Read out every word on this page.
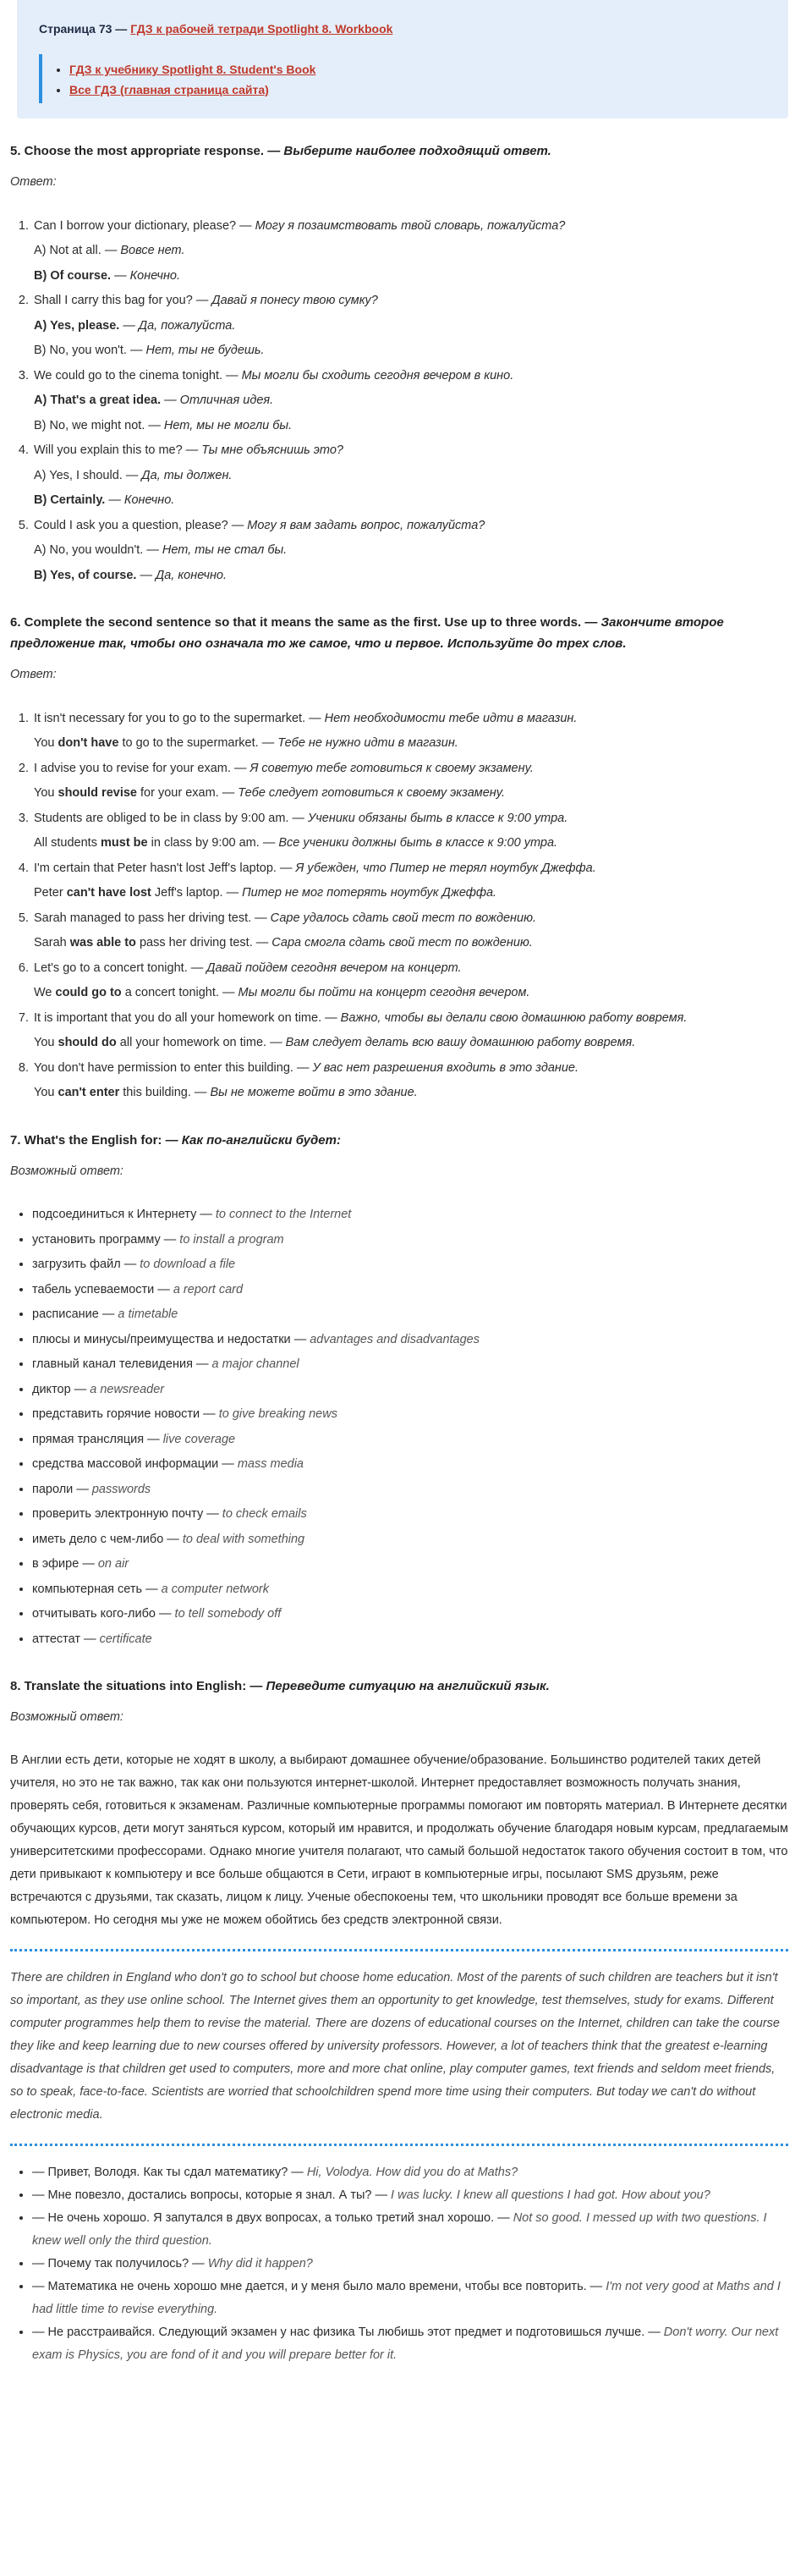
Страница 73 — ГДЗ к рабочей тетради Spotlight 8. Workbook
• ГДЗ к учебнику Spotlight 8. Student's Book
• Все ГДЗ (главная страница сайта)
5. Choose the most appropriate response. — Выберите наиболее подходящий ответ.
Ответ:
1. Can I borrow your dictionary, please? — Могу я позаимствовать твой словарь, пожалуйста?
A) Not at all. — Вовсе нет.
B) Of course. — Конечно.
2. Shall I carry this bag for you? — Давай я понесу твою сумку?
A) Yes, please. — Да, пожалуйста.
B) No, you won't. — Нет, ты не будешь.
3. We could go to the cinema tonight. — Мы могли бы сходить сегодня вечером в кино.
A) That's a great idea. — Отличная идея.
B) No, we might not. — Нет, мы не могли бы.
4. Will you explain this to me? — Ты мне объяснишь это?
A) Yes, I should. — Да, ты должен.
B) Certainly. — Конечно.
5. Could I ask you a question, please? — Могу я вам задать вопрос, пожалуйста?
A) No, you wouldn't. — Нет, ты не стал бы.
B) Yes, of course. — Да, конечно.
6. Complete the second sentence so that it means the same as the first. Use up to three words. — Закончите второе предложение так, чтобы оно означала то же самое, что и первое. Используйте до трех слов.
Ответ:
1. It isn't necessary for you to go to the supermarket. — Нет необходимости тебе идти в магазин.
You don't have to go to the supermarket. — Тебе не нужно идти в магазин.
2. I advise you to revise for your exam. — Я советую тебе готовиться к своему экзамену.
You should revise for your exam. — Тебе следует готовиться к своему экзамену.
3. Students are obliged to be in class by 9:00 am. — Ученики обязаны быть в классе к 9:00 утра.
All students must be in class by 9:00 am. — Все ученики должны быть в классе к 9:00 утра.
4. I'm certain that Peter hasn't lost Jeff's laptop. — Я убежден, что Питер не терял ноутбук Джеффа.
Peter can't have lost Jeff's laptop. — Питер не мог потерять ноутбук Джеффа.
5. Sarah managed to pass her driving test. — Саре удалось сдать свой тест по вождению.
Sarah was able to pass her driving test. — Сара смогла сдать свой тест по вождению.
6. Let's go to a concert tonight. — Давай пойдем сегодня вечером на концерт.
We could go to a concert tonight. — Мы могли бы пойти на концерт сегодня вечером.
7. It is important that you do all your homework on time. — Важно, чтобы вы делали свою домашнюю работу вовремя.
You should do all your homework on time. — Вам следует делать всю вашу домашнюю работу вовремя.
8. You don't have permission to enter this building. — У вас нет разрешения входить в это здание.
You can't enter this building. — Вы не можете войти в это здание.
7. What's the English for: — Как по-английски будет:
Возможный ответ:
• подсоединиться к Интернету — to connect to the Internet
• установить программу — to install a program
• загрузить файл — to download a file
• табель успеваемости — a report card
• расписание — a timetable
• плюсы и минусы/преимущества и недостатки — advantages and disadvantages
• главный канал телевидения — a major channel
• диктор — a newsreader
• представить горячие новости — to give breaking news
• прямая трансляция — live coverage
• средства массовой информации — mass media
• пароли — passwords
• проверить электронную почту — to check emails
• иметь дело с чем-либо — to deal with something
• в эфире — on air
• компьютерная сеть — a computer network
• отчитывать кого-либо — to tell somebody off
• аттестат — certificate
8. Translate the situations into English: — Переведите ситуацию на английский язык.
Возможный ответ:

В Англии есть дети, которые не ходят в школу, а выбирают домашнее обучение/образование. Большинство родителей таких детей учителя, но это не так важно, так как они пользуются интернет-школой. Интернет предоставляет возможность получать знания, проверять себя, готовиться к экзаменам. Различные компьютерные программы помогают им повторять материал. В Интернете десятки обучающих курсов, дети могут заняться курсом, который им нравится, и продолжать обучение благодаря новым курсам, предлагаемым университетскими профессорами. Однако многие учителя полагают, что самый большой недостаток такого обучения состоит в том, что дети привыкают к компьютеру и все больше общаются в Сети, играют в компьютерные игры, посылают SMS друзьям, реже встречаются с друзьями, так сказать, лицом к лицу. Ученые обеспокоены тем, что школьники проводят все больше времени за компьютером. Но сегодня мы уже не можем обойтись без средств электронной связи.

There are children in England who don't go to school but choose home education. Most of the parents of such children are teachers but it isn't so important, as they use online school. The Internet gives them an opportunity to get knowledge, test themselves, study for exams. Different computer programmes help them to revise the material. There are dozens of educational courses on the Internet, children can take the course they like and keep learning due to new courses offered by university professors. However, a lot of teachers think that the greatest e-learning disadvantage is that children get used to computers, more and more chat online, play computer games, text friends and seldom meet friends, so to speak, face-to-face. Scientists are worried that schoolchildren spend more time using their computers. But today we can't do without electronic media.

• — Привет, Володя. Как ты сдал математику? — Hi, Volodya. How did you do at Maths?
• — Мне повезло, достались вопросы, которые я знал. А ты? — I was lucky. I knew all questions I had got. How about you?
• — Не очень хорошо. Я запутался в двух вопросах, а только третий знал хорошо. — Not so good. I messed up with two questions. I knew well only the third question.
• — Почему так получилось? — Why did it happen?
• — Математика не очень хорошо мне дается, и у меня было мало времени, чтобы все повторить. — I'm not very good at Maths and I had little time to revise everything.
• — Не расстраивайся. Следующий экзамен у нас физика Ты любишь этот предмет и подготовишься лучше. — Don't worry. Our next exam is Physics, you are fond of it and you will prepare better for it.
